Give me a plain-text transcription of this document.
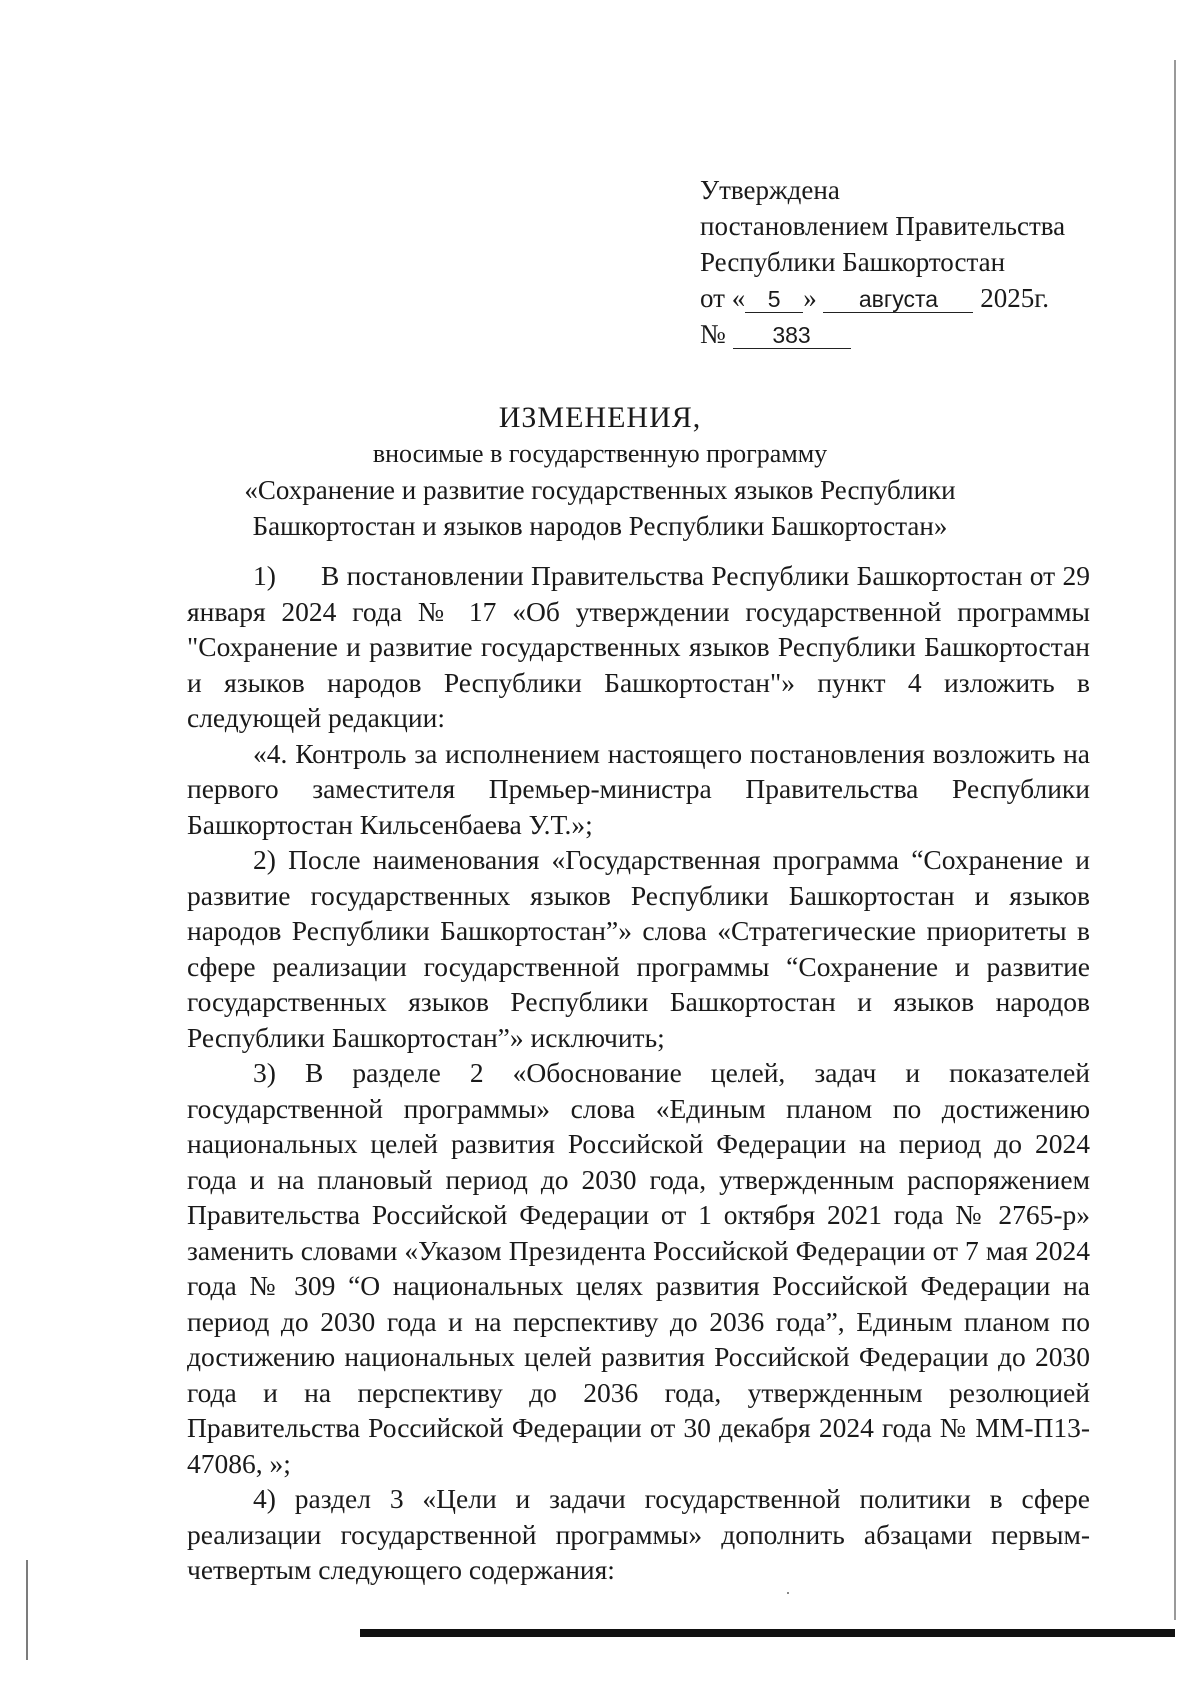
Утверждена
постановлением Правительства
Республики Башкортостан
от « 5 » августа 2025г.
№ 383
ИЗМЕНЕНИЯ,
вносимые в государственную программу
«Сохранение и развитие государственных языков Республики
Башкортостан и языков народов Республики Башкортостан»

1) В постановлении Правительства Республики Башкортостан от 29 января 2024 года № 17 «Об утверждении государственной программы "Сохранение и развитие государственных языков Республики Башкортостан и языков народов Республики Башкортостан"» пункт 4 изложить в следующей редакции:

«4. Контроль за исполнением настоящего постановления возложить на первого заместителя Премьер-министра Правительства Республики Башкортостан Кильсенбаева У.Т.»;

2) После наименования «Государственная программа “Сохранение и развитие государственных языков Республики Башкортостан и языков народов Республики Башкортостан”» слова «Стратегические приоритеты в сфере реализации государственной программы “Сохранение и развитие государственных языков Республики Башкортостан и языков народов Республики Башкортостан”» исключить;

3) В разделе 2 «Обоснование целей, задач и показателей государственной программы» слова «Единым планом по достижению национальных целей развития Российской Федерации на период до 2024 года и на плановый период до 2030 года, утвержденным распоряжением Правительства Российской Федерации от 1 октября 2021 года № 2765-р» заменить словами «Указом Президента Российской Федерации от 7 мая 2024 года № 309 “О национальных целях развития Российской Федерации на период до 2030 года и на перспективу до 2036 года”, Единым планом по достижению национальных целей развития Российской Федерации до 2030 года и на перспективу до 2036 года, утвержденным резолюцией Правительства Российской Федерации от 30 декабря 2024 года № ММ-П13-47086, »;

4) раздел 3 «Цели и задачи государственной политики в сфере реализации государственной программы» дополнить абзацами первым-четвертым следующего содержания:
